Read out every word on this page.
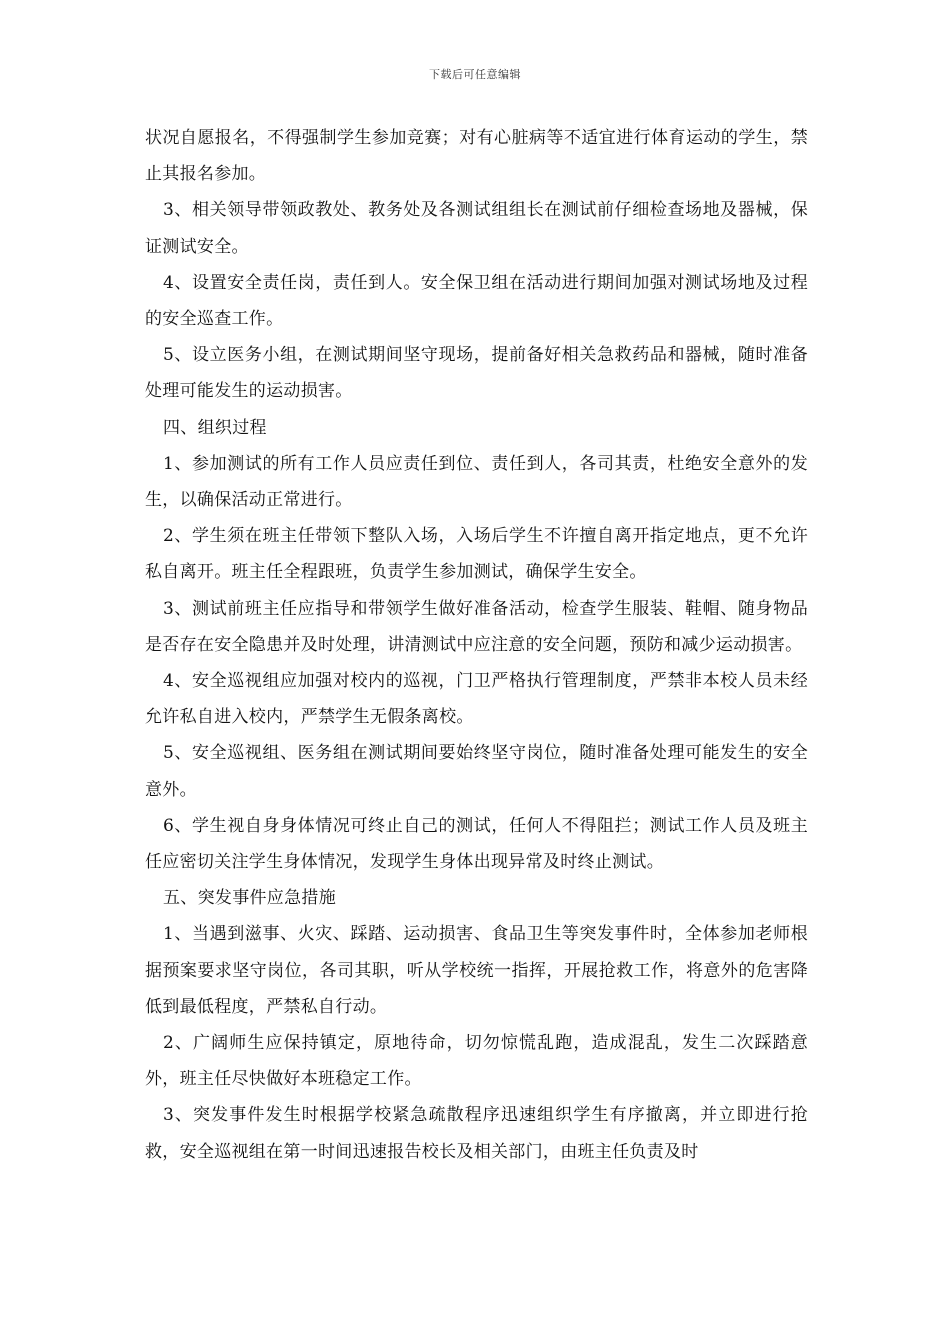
下载后可任意编辑

状况自愿报名，不得强制学生参加竞赛；对有心脏病等不适宜进行体育运动的学生，禁止其报名参加。

3、相关领导带领政教处、教务处及各测试组组长在测试前仔细检查场地及器械，保证测试安全。

4、设置安全责任岗，责任到人。安全保卫组在活动进行期间加强对测试场地及过程的安全巡查工作。

5、设立医务小组，在测试期间坚守现场，提前备好相关急救药品和器械，随时准备处理可能发生的运动损害。

四、组织过程

1、参加测试的所有工作人员应责任到位、责任到人，各司其责，杜绝安全意外的发生，以确保活动正常进行。

2、学生须在班主任带领下整队入场，入场后学生不许擅自离开指定地点，更不允许私自离开。班主任全程跟班，负责学生参加测试，确保学生安全。

3、测试前班主任应指导和带领学生做好准备活动，检查学生服装、鞋帽、随身物品是否存在安全隐患并及时处理，讲清测试中应注意的安全问题，预防和减少运动损害。

4、安全巡视组应加强对校内的巡视，门卫严格执行管理制度，严禁非本校人员未经允许私自进入校内，严禁学生无假条离校。

5、安全巡视组、医务组在测试期间要始终坚守岗位，随时准备处理可能发生的安全意外。

6、学生视自身身体情况可终止自己的测试，任何人不得阻拦；测试工作人员及班主任应密切关注学生身体情况，发现学生身体出现异常及时终止测试。

五、突发事件应急措施

1、当遇到滋事、火灾、踩踏、运动损害、食品卫生等突发事件时，全体参加老师根据预案要求坚守岗位，各司其职，听从学校统一指挥，开展抢救工作，将意外的危害降低到最低程度，严禁私自行动。

2、广阔师生应保持镇定，原地待命，切勿惊慌乱跑，造成混乱，发生二次踩踏意外，班主任尽快做好本班稳定工作。

3、突发事件发生时根据学校紧急疏散程序迅速组织学生有序撤离，并立即进行抢救，安全巡视组在第一时间迅速报告校长及相关部门，由班主任负责及时
